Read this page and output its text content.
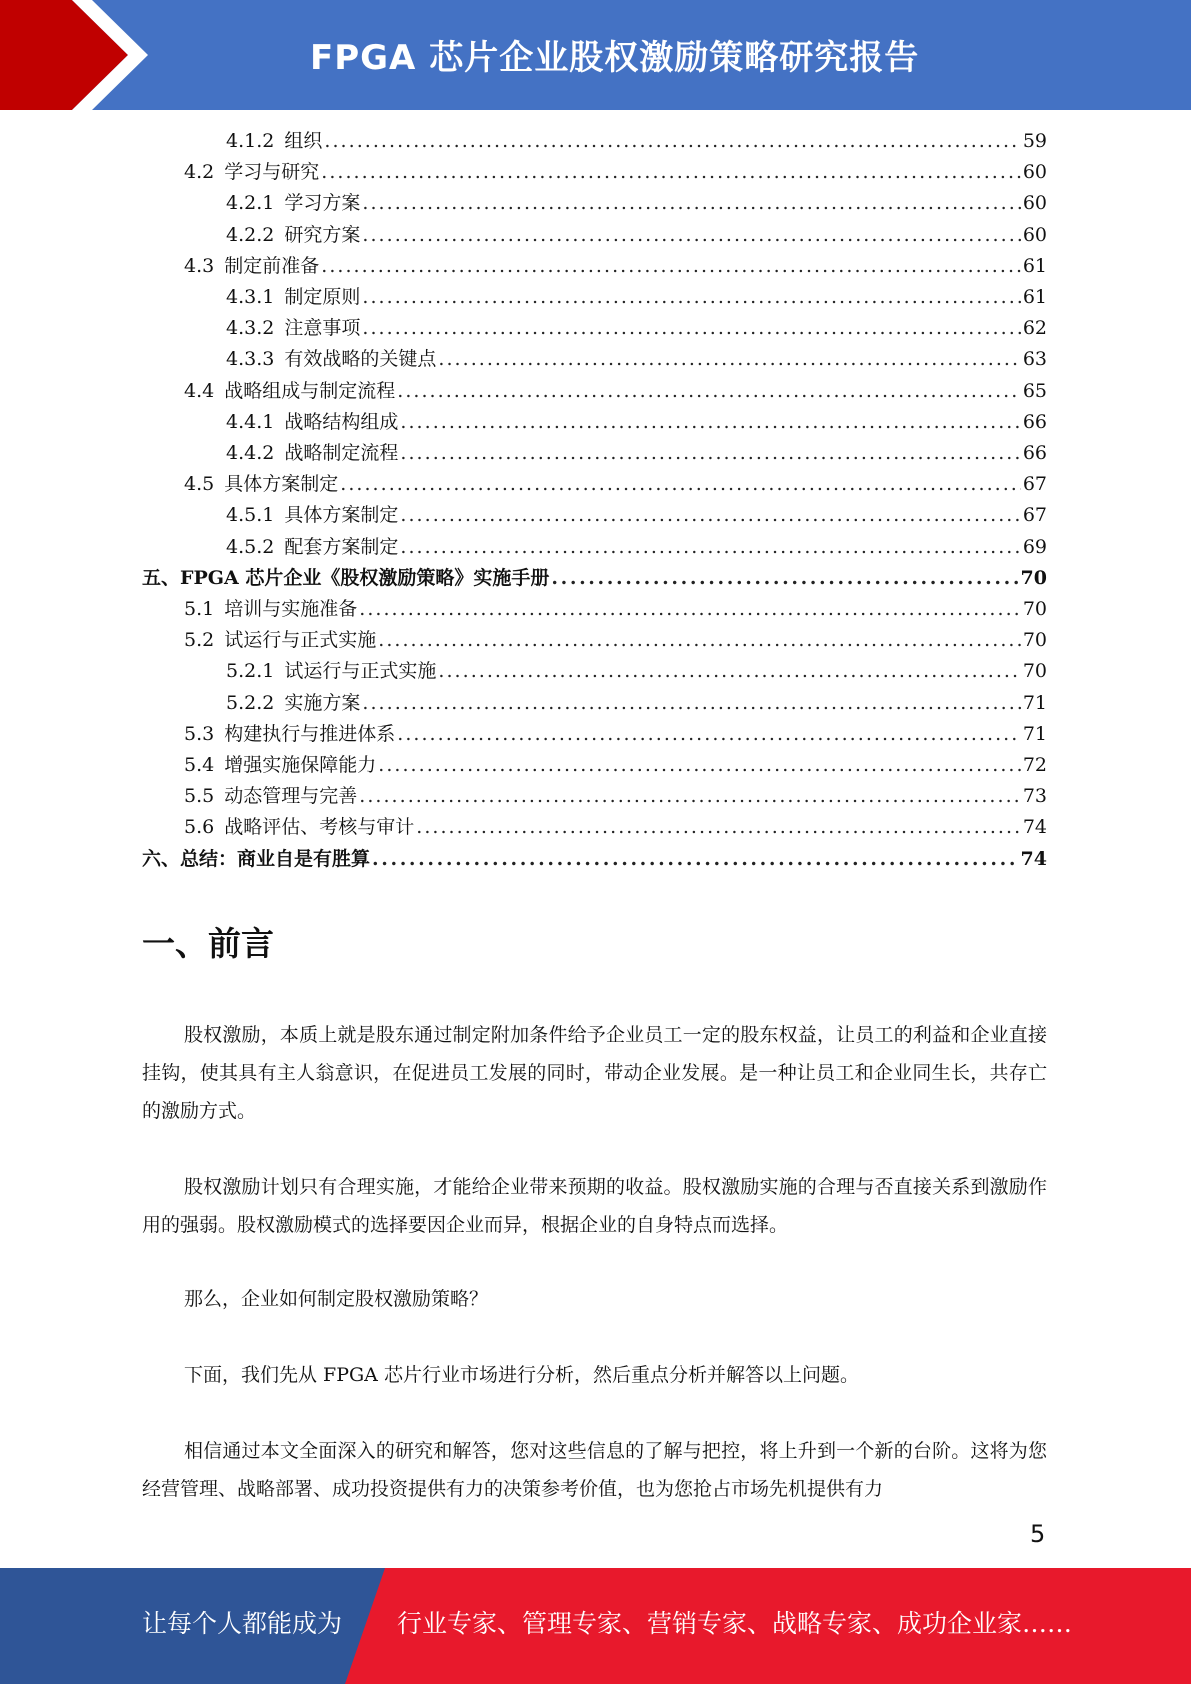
FPGA 芯片企业股权激励策略研究报告
4.1.2 组织 . . .	59
4.2 学习与研究 . . .	60
4.2.1 学习方案 . . .	60
4.2.2 研究方案 . . .	60
4.3 制定前准备 . . .	61
4.3.1 制定原则 . . .	61
4.3.2 注意事项 . . .	62
4.3.3 有效战略的关键点 . . .	63
4.4 战略组成与制定流程 . . .	65
4.4.1 战略结构组成 . . .	66
4.4.2 战略制定流程 . . .	66
4.5 具体方案制定 . . .	67
4.5.1 具体方案制定 . . .	67
4.5.2 配套方案制定 . . .	69
五、FPGA 芯片企业《股权激励策略》实施手册 . . .	70
5.1 培训与实施准备 . . .	70
5.2 试运行与正式实施 . . .	70
5.2.1 试运行与正式实施 . . .	70
5.2.2 实施方案 . . .	71
5.3 构建执行与推进体系 . . .	71
5.4 增强实施保障能力 . . .	72
5.5 动态管理与完善 . . .	73
5.6 战略评估、考核与审计 . . .	74
六、总结：商业自是有胜算 . . .	74
一、前言

股权激励，本质上就是股东通过制定附加条件给予企业员工一定的股东权益，让员工的利益和企业直接挂钩，使其具有主人翁意识，在促进员工发展的同时，带动企业发展。是一种让员工和企业同生长，共存亡的激励方式。

股权激励计划只有合理实施，才能给企业带来预期的收益。股权激励实施的合理与否直接关系到激励作用的强弱。股权激励模式的选择要因企业而异，根据企业的自身特点而选择。

那么，企业如何制定股权激励策略？

下面，我们先从 FPGA 芯片行业市场进行分析，然后重点分析并解答以上问题。

相信通过本文全面深入的研究和解答，您对这些信息的了解与把控，将上升到一个新的台阶。这将为您经营管理、战略部署、成功投资提供有力的决策参考价值，也为您抢占市场先机提供有力

5
让每个人都能成为 行业专家、管理专家、营销专家、战略专家、成功企业家……
